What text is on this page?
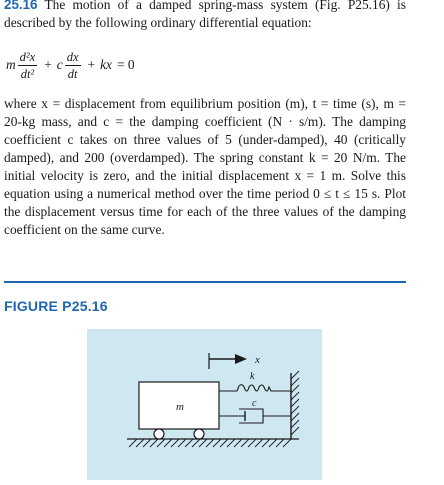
25.16 The motion of a damped spring-mass system (Fig. P25.16) is described by the following ordinary differential equation:
m $\frac{\text{d²x}}{\text{dt²}} + c \frac{dx}{dt}$ + kx = 0
where x = displacement from equilibrium position (m), t = time (s), m = 20-kg mass, and c = the damping coefficient (N · s/m). The damping coefficient c takes on three values of 5 (under-damped), 40 (critically damped), and 200 (overdamped). The spring constant k = 20 N/m. The initial velocity is zero, and the initial displacement x = 1 m. Solve this equation using a numerical method over the time period 0 ≤ t ≤ 15 s. Plot the displacement versus time for each of the three values of the damping coefficient on the same curve.
FIGURE P25.16
m
k
c
x
